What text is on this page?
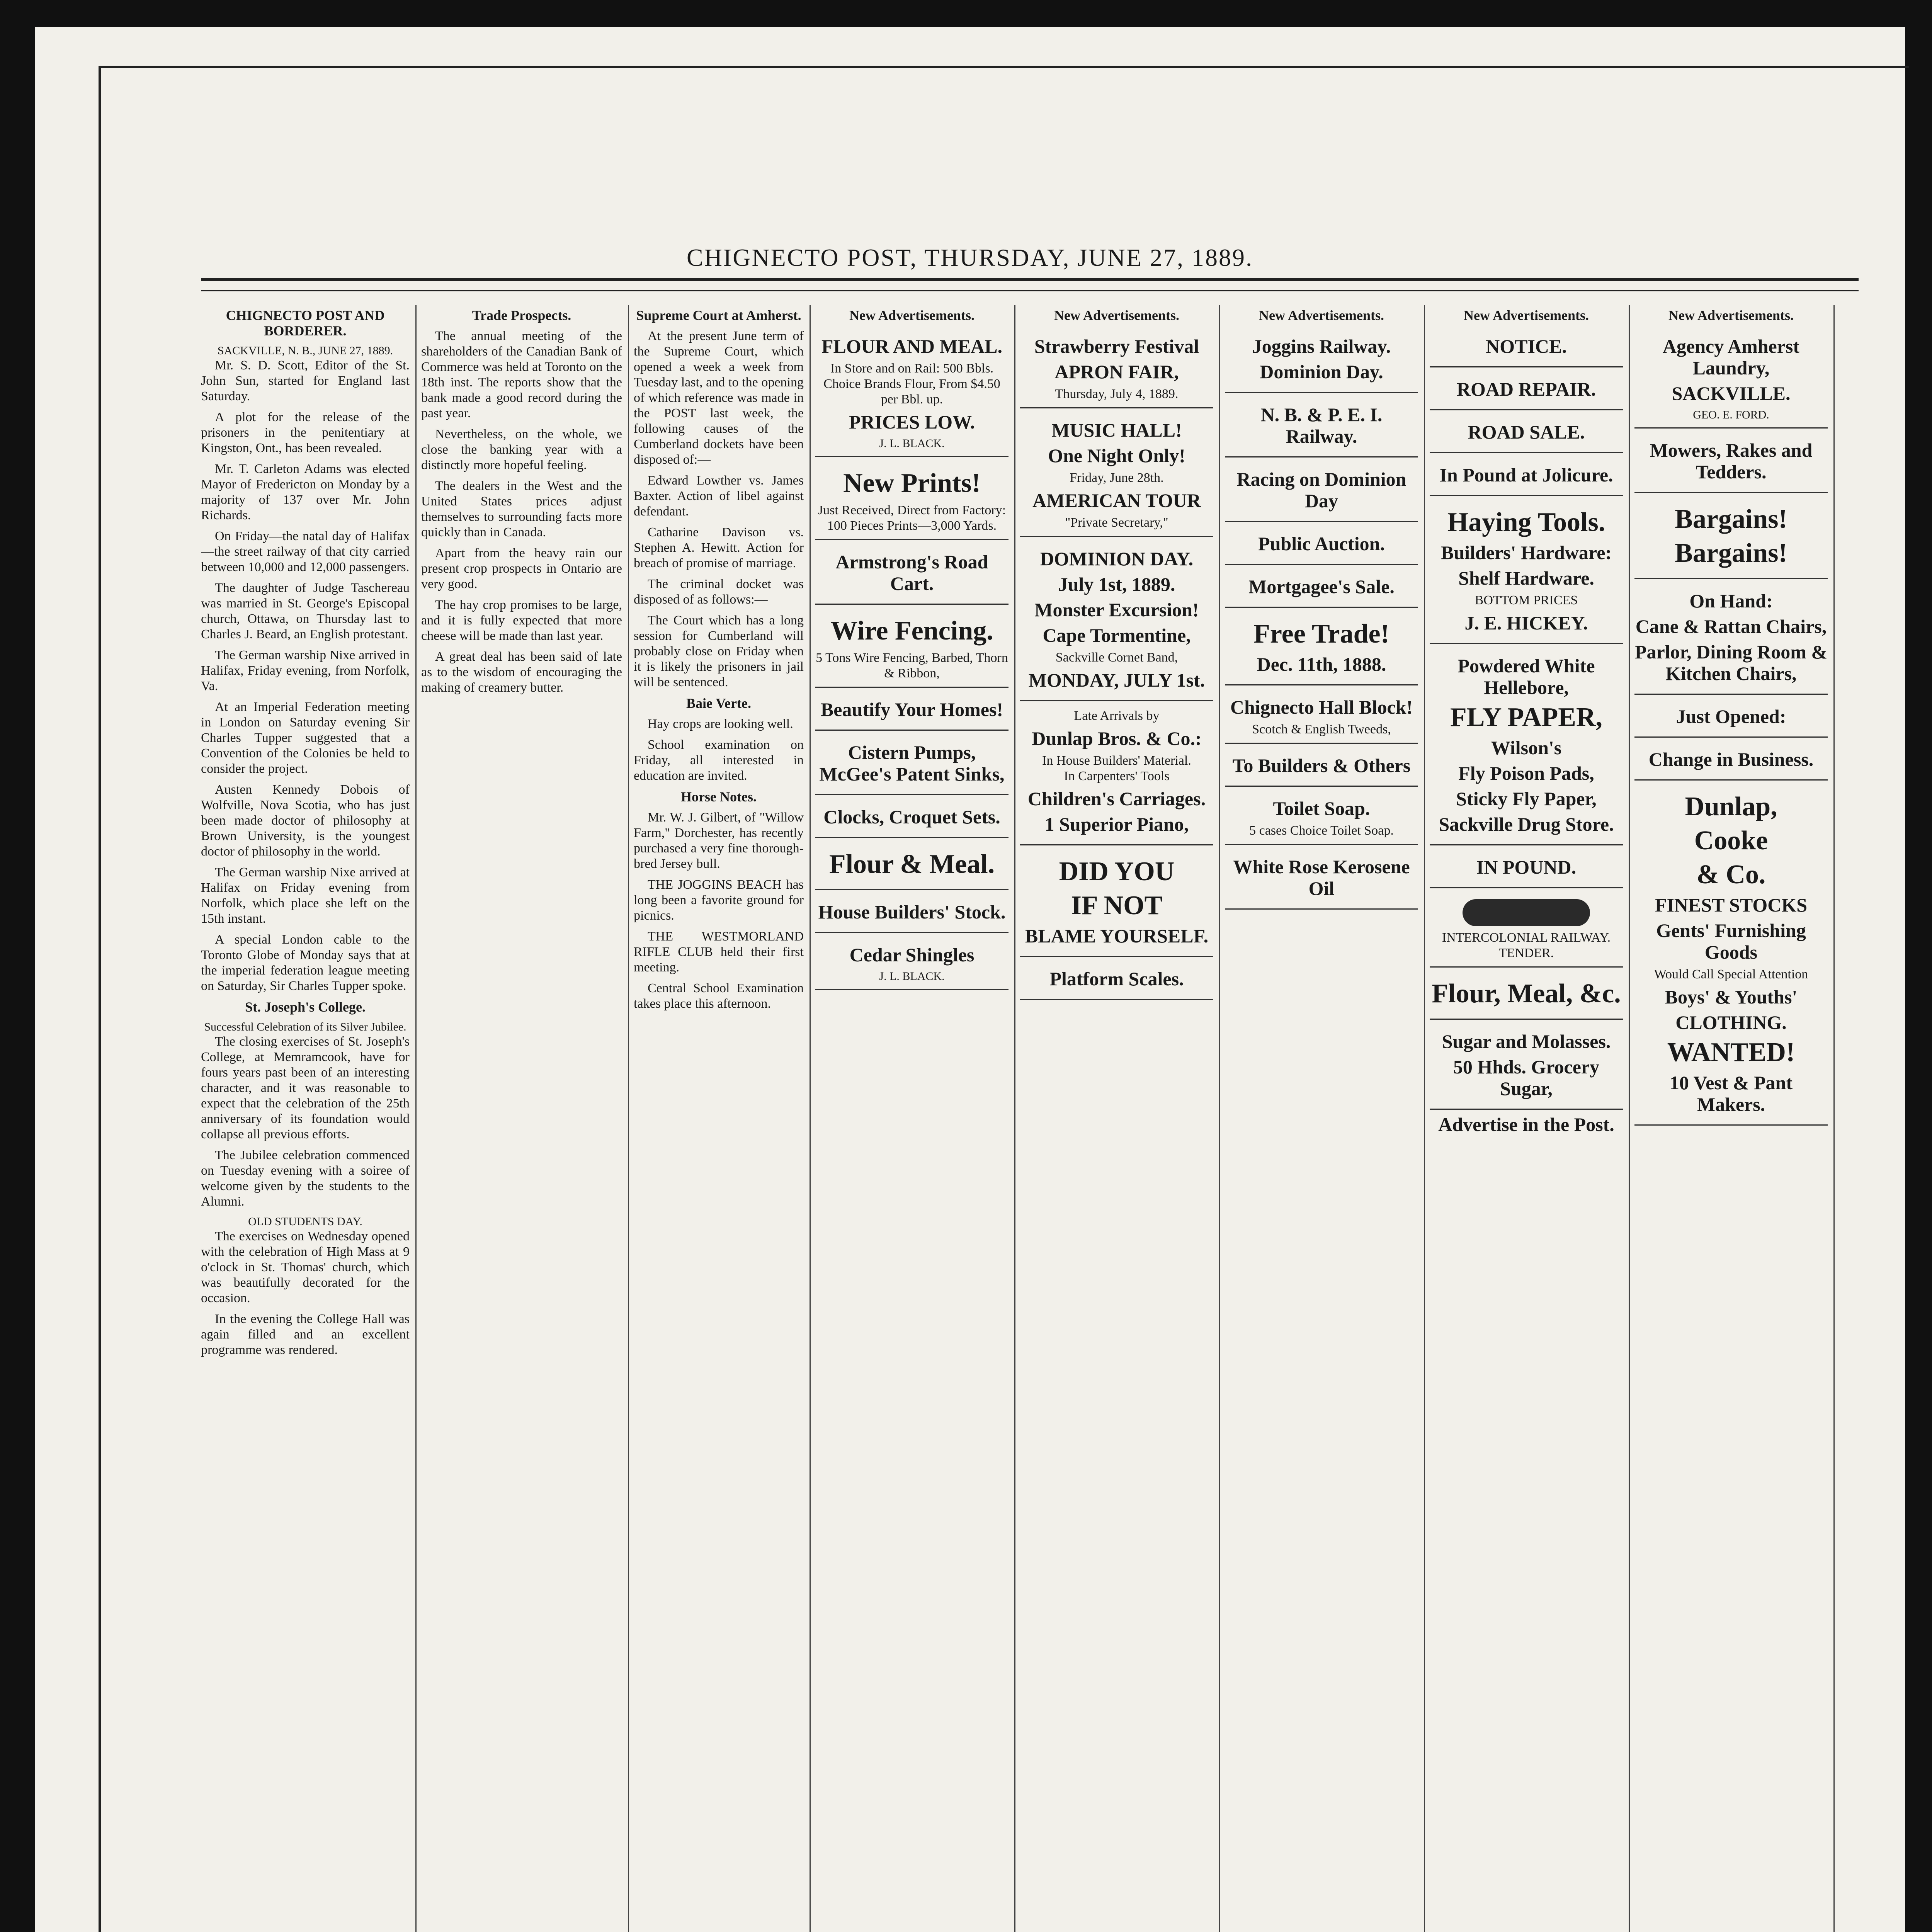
CHIGNECTO POST, THURSDAY, JUNE 27, 1889.
CHIGNECTO POST AND BORDERER.
SACKVILLE, N. B., JUNE 27, 1889.

Mr. S. D. Scott, Editor of the St. John Sun, started for England last Saturday.

A plot for the release of the prisoners in the penitentiary at Kingston, Ont., has been revealed.

Mr. T. Carleton Adams was elected Mayor of Fredericton on Monday by a majority of 137 over Mr. John Richards.

On Friday—the natal day of Halifax—the street railway of that city carried between 10,000 and 12,000 passengers.

The daughter of Judge Taschereau was married in St. George's Episcopal church, Ottawa, on Thursday last to Charles J. Beard, an English protestant.

The German warship Nixe arrived in Halifax, Friday evening, from Norfolk, Va.

At an Imperial Federation meeting in London on Saturday evening Sir Charles Tupper suggested that a Convention of the Colonies be held to consider the project.

Austen Kennedy Dobois of Wolfville, Nova Scotia, who has just been made doctor of philosophy at Brown University, is the youngest doctor of philosophy in the world.

The German warship Nixe arrived at Halifax on Friday evening from Norfolk, which place she left on the 15th instant.

A special London cable to the Toronto Globe of Monday says that at the imperial federation league meeting on Saturday, Sir Charles Tupper spoke.

St. Joseph's College.
Successful Celebration of its Silver Jubilee.

The closing exercises of St. Joseph's College, at Memramcook, have for fours years past been of an interesting character, and it was reasonable to expect that the celebration of the 25th anniversary of its foundation would collapse all previous efforts.

The Jubilee celebration commenced on Tuesday evening with a soiree of welcome given by the students to the Alumni.

OLD STUDENTS DAY.

The exercises on Wednesday opened with the celebration of High Mass at 9 o'clock in St. Thomas' church, which was beautifully decorated for the occasion.

In the evening the College Hall was again filled and an excellent programme was rendered.

Trade Prospects.

The annual meeting of the shareholders of the Canadian Bank of Commerce was held at Toronto on the 18th inst. The reports show that the bank made a good record during the past year.

Nevertheless, on the whole, we close the banking year with a distinctly more hopeful feeling.

The dealers in the West and the United States prices adjust themselves to surrounding facts more quickly than in Canada.

Apart from the heavy rain our present crop prospects in Ontario are very good.

The hay crop promises to be large, and it is fully expected that more cheese will be made than last year.

A great deal has been said of late as to the wisdom of encouraging the making of creamery butter.

Supreme Court at Amherst.

At the present June term of the Supreme Court, which opened a week a week from Tuesday last, and to the opening of which reference was made in the POST last week, the following causes of the Cumberland dockets have been disposed of:—

Edward Lowther vs. James Baxter. Action of libel against defendant.

Catharine Davison vs. Stephen A. Hewitt. Action for breach of promise of marriage.

The criminal docket was disposed of as follows:—

The Court which has a long session for Cumberland will probably close on Friday when it is likely the prisoners in jail will be sentenced.

Baie Verte.

Hay crops are looking well.

School examination on Friday, all interested in education are invited.

Horse Notes.

Mr. W. J. Gilbert, of "Willow Farm," Dorchester, has recently purchased a very fine thorough-bred Jersey bull.

THE JOGGINS BEACH has long been a favorite ground for picnics.

THE WESTMORLAND RIFLE CLUB held their first meeting.

Central School Examination takes place this afternoon.

New Advertisements.
FLOUR AND MEAL.
In Store and on Rail: 500 Bbls. Choice Brands Flour, From $4.50 per Bbl. up.
PRICES LOW.
J. L. BLACK.
New Prints!
Just Received, Direct from Factory: 100 Pieces Prints—3,000 Yards.
Armstrong's Road Cart.
Wire Fencing.
5 Tons Wire Fencing, Barbed, Thorn & Ribbon,
Beautify Your Homes!
Cistern Pumps, McGee's Patent Sinks,
Clocks, Croquet Sets.
Flour & Meal.
House Builders' Stock.
Cedar Shingles
J. L. BLACK.
New Advertisements.
Strawberry Festival
APRON FAIR,
Thursday, July 4, 1889.
MUSIC HALL!
One Night Only!
Friday, June 28th.
AMERICAN TOUR
"Private Secretary,"
DOMINION DAY.
July 1st, 1889.
Monster Excursion!
Cape Tormentine,
Sackville Cornet Band,
MONDAY, JULY 1st.
Late Arrivals by
Dunlap Bros. & Co.:
In House Builders' Material.
In Carpenters' Tools
Children's Carriages.
1 Superior Piano,
DID YOU
IF NOT
BLAME YOURSELF.
Platform Scales.
New Advertisements.
Joggins Railway.
Dominion Day.
N. B. & P. E. I. Railway.
Racing on Dominion Day
Public Auction.
Mortgagee's Sale.
Free Trade!
Dec. 11th, 1888.
Chignecto Hall Block!
Scotch & English Tweeds,
To Builders & Others
Toilet Soap.
5 cases Choice Toilet Soap.
White Rose Kerosene Oil
New Advertisements.
NOTICE.
ROAD REPAIR.
ROAD SALE.
In Pound at Jolicure.
Haying Tools.
Builders' Hardware:
Shelf Hardware.
BOTTOM PRICES
J. E. HICKEY.
Powdered White Hellebore,
FLY PAPER,
Wilson's
Fly Poison Pads,
Sticky Fly Paper,
Sackville Drug Store.
IN POUND.
INTERCOLONIAL RAILWAY.
TENDER.
Flour, Meal, &c.
Sugar and Molasses.
50 Hhds. Grocery Sugar,
Advertise in the Post.
New Advertisements.
Agency Amherst Laundry,
SACKVILLE.
GEO. E. FORD.
Mowers, Rakes and Tedders.
Bargains!
Bargains!
On Hand:
Cane & Rattan Chairs,
Parlor, Dining Room & Kitchen Chairs,
Just Opened:
Change in Business.
Dunlap,
Cooke
& Co.
FINEST STOCKS
Gents' Furnishing Goods
Would Call Special Attention
Boys' & Youths'
CLOTHING.
WANTED!
10 Vest & Pant Makers.
